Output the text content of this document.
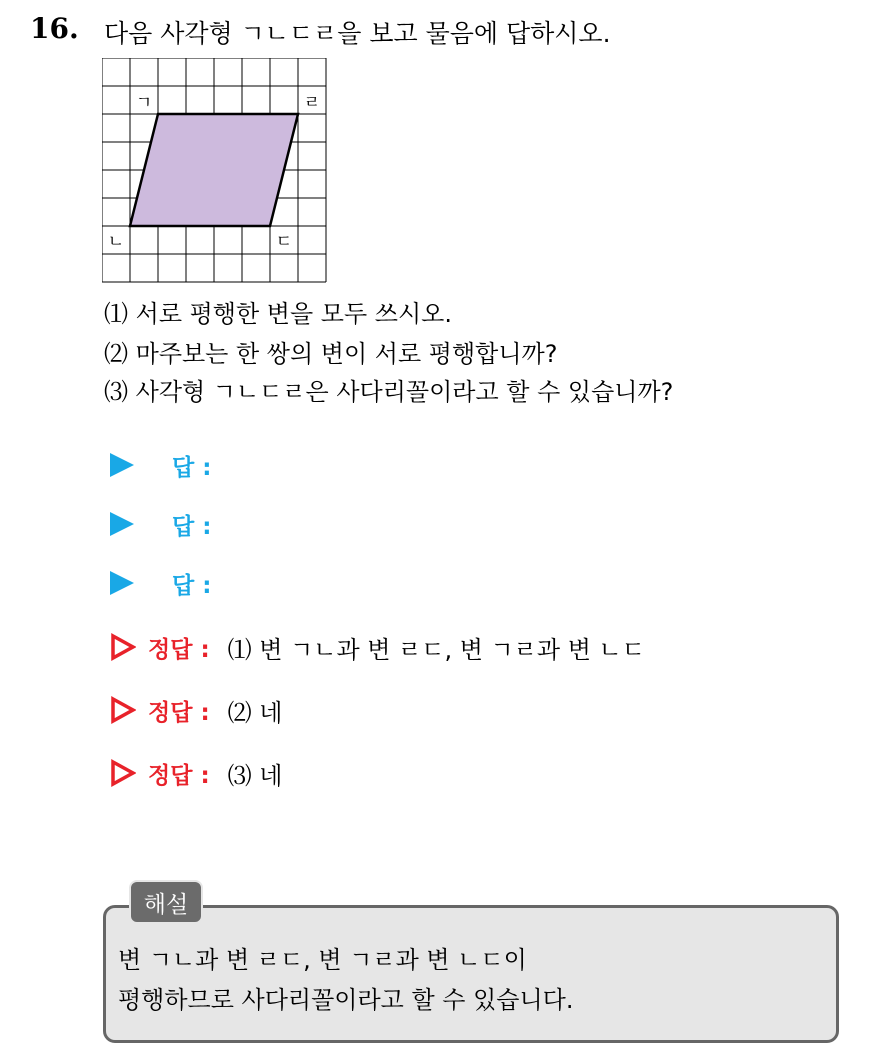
16. 다음 사각형 ㄱㄴㄷㄹ을 보고 물음에 답하시오.
ㄱ	ㄹ
ㄴ	ㄷ
⑴ 서로 평행한 변을 모두 쓰시오.
⑵ 마주보는 한 쌍의 변이 서로 평행합니까?
⑶ 사각형 ㄱㄴㄷㄹ은 사다리꼴이라고 할 수 있습니까?
답 :
답 :
답 :
정답 : ⑴ 변 ㄱㄴ과 변 ㄹㄷ, 변 ㄱㄹ과 변 ㄴㄷ
정답 : ⑵ 네
정답 : ⑶ 네
해설
변 ㄱㄴ과 변 ㄹㄷ, 변 ㄱㄹ과 변 ㄴㄷ이
평행하므로 사다리꼴이라고 할 수 있습니다.
